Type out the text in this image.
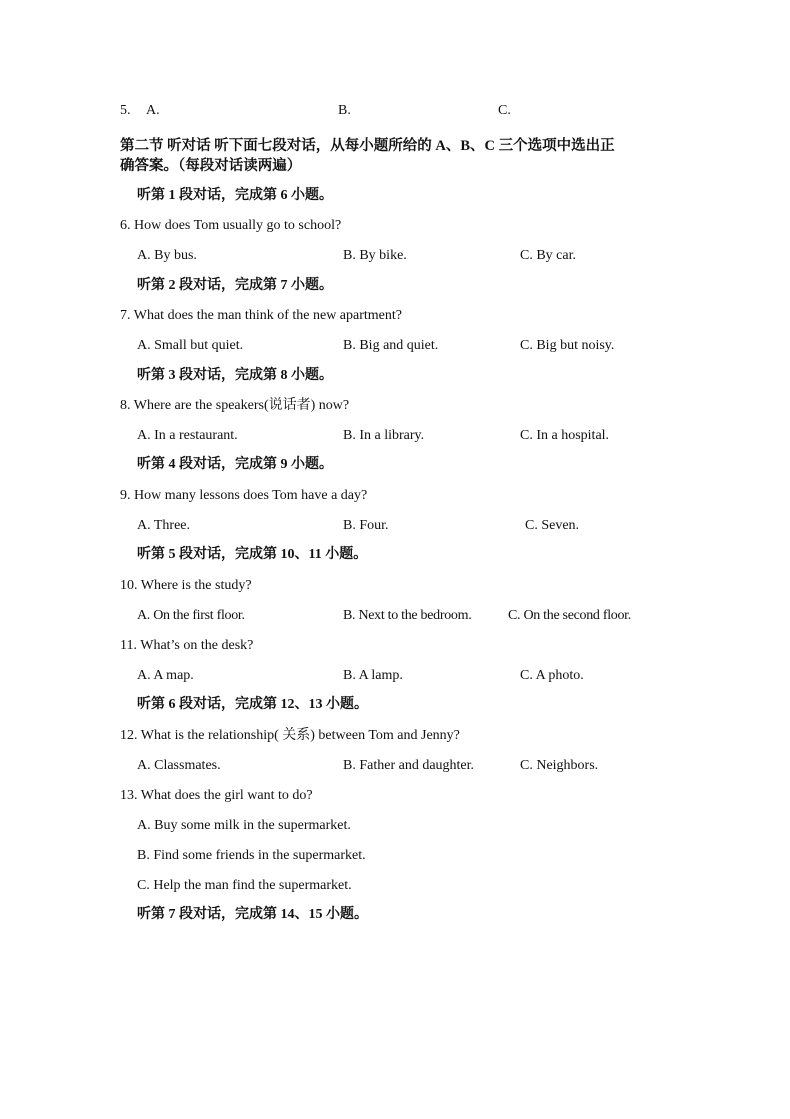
5. A.	B.	C.
第二节 听对话 听下面七段对话，从每小题所给的 A、B、C 三个选项中选出正
确答案。（每段对话读两遍）
听第 1 段对话，完成第 6 小题。
6. How does Tom usually go to school?
A. By bus.	B. By bike.	C. By car.
听第 2 段对话，完成第 7 小题。
7. What does the man think of the new apartment?
A. Small but quiet.	B. Big and quiet.	C. Big but noisy.
听第 3 段对话，完成第 8 小题。
8. Where are the speakers(说话者) now?
A. In a restaurant.	B. In a library.	C. In a hospital.
听第 4 段对话，完成第 9 小题。
9. How many lessons does Tom have a day?
A. Three.	B. Four.	C. Seven.
听第 5 段对话，完成第 10、11 小题。
10. Where is the study?
A. On the first floor.	B. Next to the bedroom.	C. On the second floor.
11. What’s on the desk?
A. A map.	B. A lamp.	C. A photo.
听第 6 段对话，完成第 12、13 小题。
12. What is the relationship( 关系) between Tom and Jenny?
A. Classmates.	B. Father and daughter.	C. Neighbors.
13. What does the girl want to do?
A. Buy some milk in the supermarket.
B. Find some friends in the supermarket.
C. Help the man find the supermarket.
听第 7 段对话，完成第 14、15 小题。
